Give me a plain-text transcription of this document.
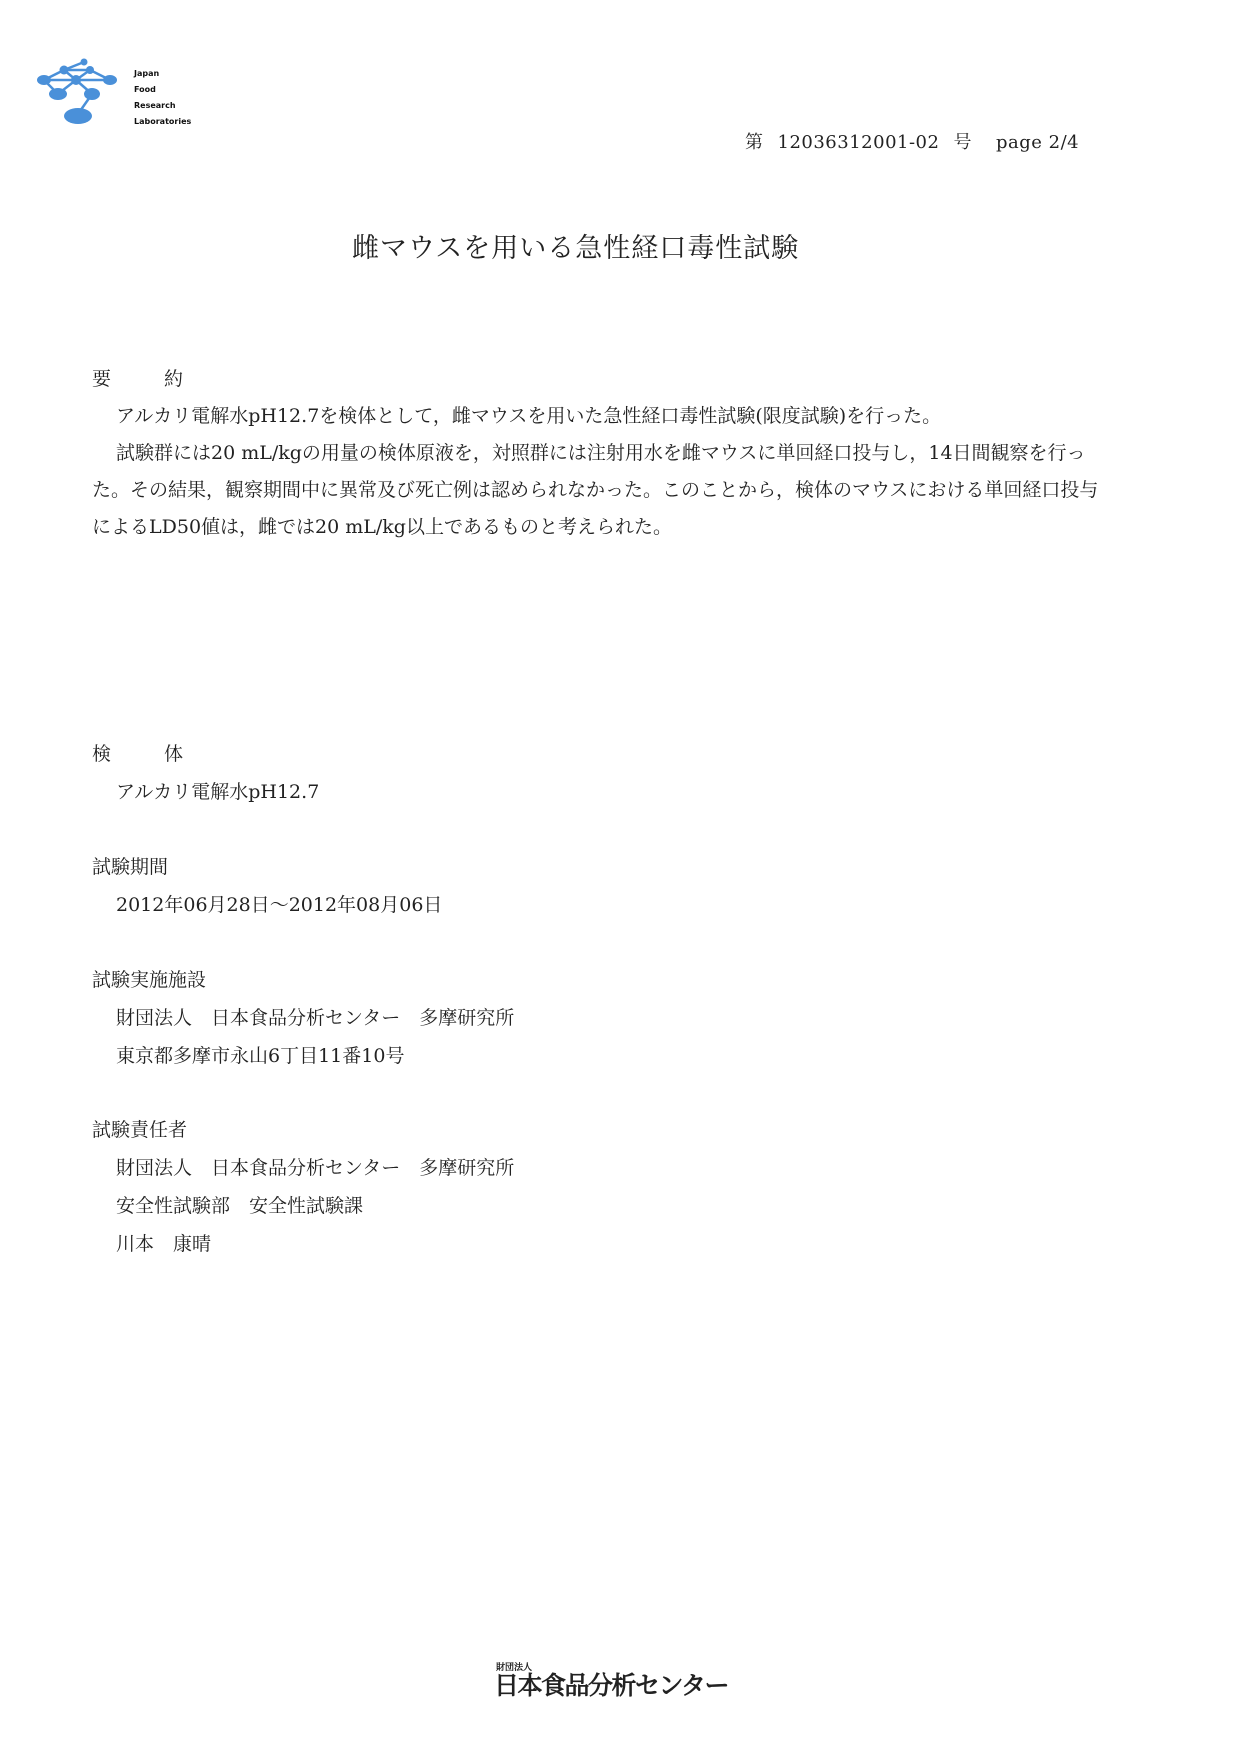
Japan
Food
Research
Laboratories
第 12036312001-02 号 page 2/4
雌マウスを用いる急性経口毒性試験
要	約

アルカリ電解水pH12.7を検体として，雌マウスを用いた急性経口毒性試験(限度試験)を行った。

試験群には20 mL/kgの用量の検体原液を，対照群には注射用水を雌マウスに単回経口投与し，14日間観察を行った。その結果，観察期間中に異常及び死亡例は認められなかった。このことから，検体のマウスにおける単回経口投与によるLD50値は，雌では20 mL/kg以上であるものと考えられた。

検	体
アルカリ電解水pH12.7
試験期間
2012年06月28日～2012年08月06日
試験実施施設
財団法人　日本食品分析センター　多摩研究所
東京都多摩市永山6丁目11番10号
試験責任者
財団法人　日本食品分析センター　多摩研究所
安全性試験部　安全性試験課
川本　康晴
財団法人
日本食品分析センター
